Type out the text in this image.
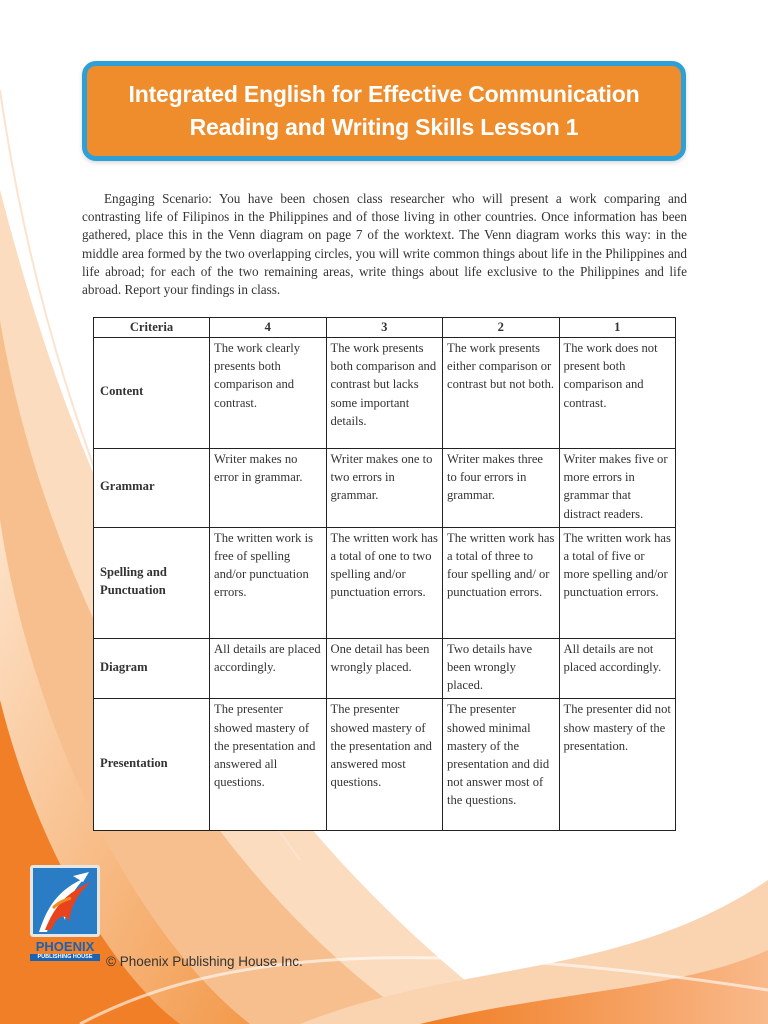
Integrated English for Effective Communication
Reading and Writing Skills Lesson 1

Engaging Scenario: You have been chosen class researcher who will present a work comparing and contrasting life of Filipinos in the Philippines and of those living in other countries. Once information has been gathered, place this in the Venn diagram on page 7 of the worktext. The Venn diagram works this way: in the middle area formed by the two overlapping circles, you will write common things about life in the Philippines and life abroad; for each of the two remaining areas, write things about life exclusive to the Philippines and life abroad. Report your findings in class.

Criteria	4	3	2	1
Content	The work clearly presents both comparison and contrast.	The work presents both comparison and contrast but lacks some important details.	The work presents either comparison or contrast but not both.	The work does not present both comparison and contrast.
Grammar	Writer makes no error in grammar.	Writer makes one to two errors in grammar.	Writer makes three to four errors in grammar.	Writer makes five or more errors in grammar that distract readers.
Spelling and Punctuation	The written work is free of spelling and/or punctuation errors.	The written work has a total of one to two spelling and/or punctuation errors.	The written work has a total of three to four spelling and/ or punctuation errors.	The written work has a total of five or more spelling and/or punctuation errors.
Diagram	All details are placed accordingly.	One detail has been wrongly placed.	Two details have been wrongly placed.	All details are not placed accordingly.
Presentation	The presenter showed mastery of the presentation and answered all questions.	The presenter showed mastery of the presentation and answered most questions.	The presenter showed minimal mastery of the presentation and did not answer most of the questions.	The presenter did not show mastery of the presentation.
PHOENIX
PUBLISHING HOUSE	© Phoenix Publishing House Inc.
